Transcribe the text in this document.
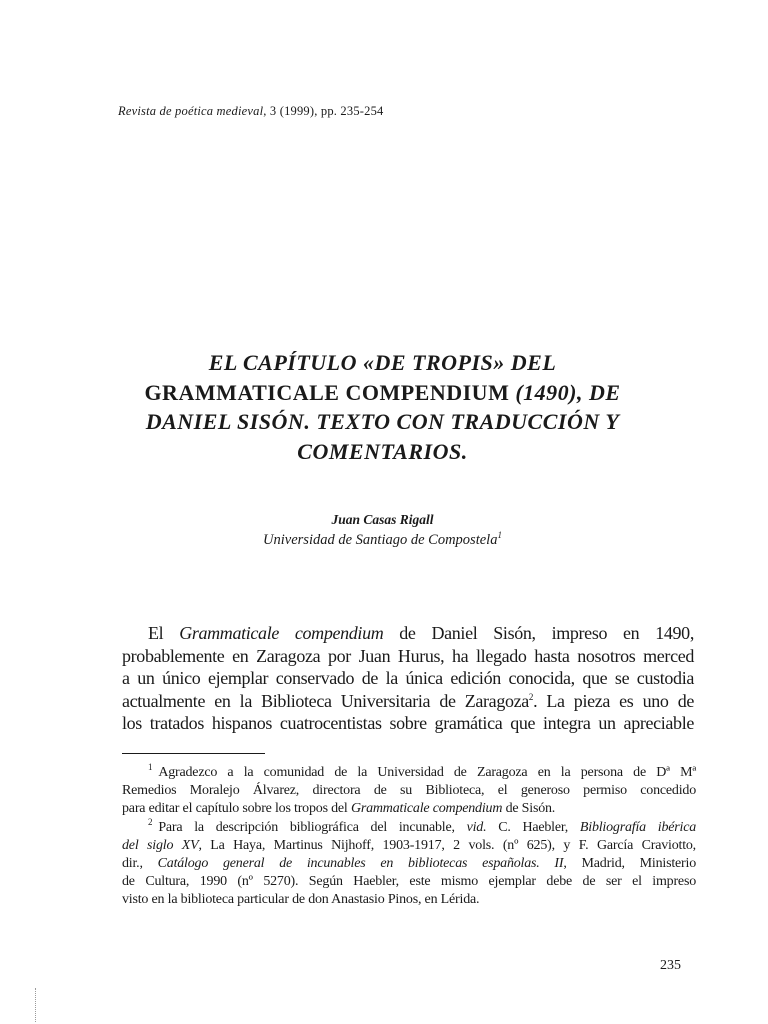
Revista de poética medieval, 3 (1999), pp. 235-254
EL CAPÍTULO «DE TROPIS» DEL
GRAMMATICALE COMPENDIUM (1490), DE
DANIEL SISÓN. TEXTO CON TRADUCCIÓN Y
COMENTARIOS.
Juan Casas Rigall
Universidad de Santiago de Compostela$^1$
El Grammaticale compendium de Daniel Sisón, impreso en 1490,
probablemente en Zaragoza por Juan Hurus, ha llegado hasta nosotros merced
a un único ejemplar conservado de la única edición conocida, que se custodia
actualmente en la Biblioteca Universitaria de Zaragoza$^2$. La pieza es uno de
los tratados hispanos cuatrocentistas sobre gramática que integra un apreciable
$^1$ Agradezco a la comunidad de la Universidad de Zaragoza en la persona de Dª Mª
Remedios Moralejo Álvarez, directora de su Biblioteca, el generoso permiso concedido
para editar el capítulo sobre los tropos del Grammaticale compendium de Sisón.
$^2$ Para la descripción bibliográfica del incunable, vid. C. Haebler, Bibliografía ibérica
del siglo XV, La Haya, Martinus Nijhoff, 1903-1917, 2 vols. (nº 625), y F. García Craviotto,
dir., Catálogo general de incunables en bibliotecas españolas. II, Madrid, Ministerio
de Cultura, 1990 (nº 5270). Según Haebler, este mismo ejemplar debe de ser el impreso
visto en la biblioteca particular de don Anastasio Pinos, en Lérida.
235
